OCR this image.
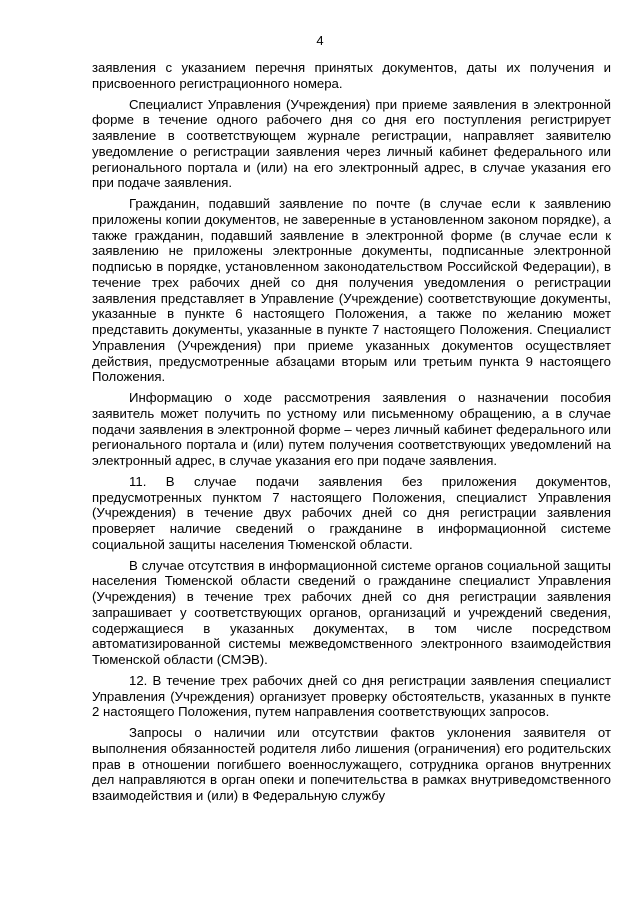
4

заявления с указанием перечня принятых документов, даты их получения и присвоенного регистрационного номера.

Специалист Управления (Учреждения) при приеме заявления в электронной форме в течение одного рабочего дня со дня его поступления регистрирует заявление в соответствующем журнале регистрации, направляет заявителю уведомление о регистрации заявления через личный кабинет федерального или регионального портала и (или) на его электронный адрес, в случае указания его при подаче заявления.

Гражданин, подавший заявление по почте (в случае если к заявлению приложены копии документов, не заверенные в установленном законом порядке), а также гражданин, подавший заявление в электронной форме (в случае если к заявлению не приложены электронные документы, подписанные электронной подписью в порядке, установленном законодательством Российской Федерации), в течение трех рабочих дней со дня получения уведомления о регистрации заявления представляет в Управление (Учреждение) соответствующие документы, указанные в пункте 6 настоящего Положения, а также по желанию может представить документы, указанные в пункте 7 настоящего Положения. Специалист Управления (Учреждения) при приеме указанных документов осуществляет действия, предусмотренные абзацами вторым или третьим пункта 9 настоящего Положения.

Информацию о ходе рассмотрения заявления о назначении пособия заявитель может получить по устному или письменному обращению, а в случае подачи заявления в электронной форме – через личный кабинет федерального или регионального портала и (или) путем получения соответствующих уведомлений на электронный адрес, в случае указания его при подаче заявления.

11. В случае подачи заявления без приложения документов, предусмотренных пунктом 7 настоящего Положения, специалист Управления (Учреждения) в течение двух рабочих дней со дня регистрации заявления проверяет наличие сведений о гражданине в информационной системе социальной защиты населения Тюменской области.

В случае отсутствия в информационной системе органов социальной защиты населения Тюменской области сведений о гражданине специалист Управления (Учреждения) в течение трех рабочих дней со дня регистрации заявления запрашивает у соответствующих органов, организаций и учреждений сведения, содержащиеся в указанных документах, в том числе посредством автоматизированной системы межведомственного электронного взаимодействия Тюменской области (СМЭВ).

12. В течение трех рабочих дней со дня регистрации заявления специалист Управления (Учреждения) организует проверку обстоятельств, указанных в пункте 2 настоящего Положения, путем направления соответствующих запросов.

Запросы о наличии или отсутствии фактов уклонения заявителя от выполнения обязанностей родителя либо лишения (ограничения) его родительских прав в отношении погибшего военнослужащего, сотрудника органов внутренних дел направляются в орган опеки и попечительства в рамках внутриведомственного взаимодействия и (или) в Федеральную службу
